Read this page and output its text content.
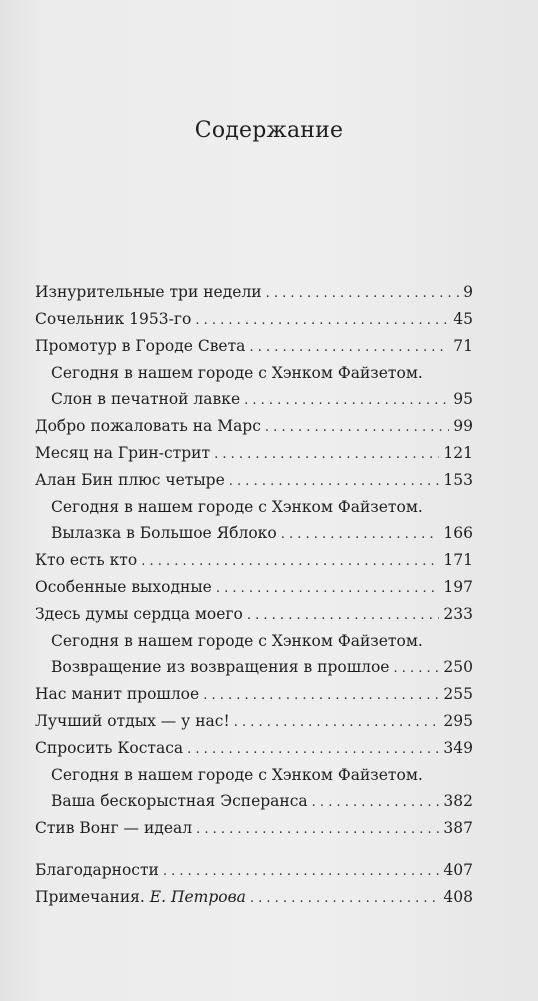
Содержание
Изнурительные три недели . . .	9
Сочельник 1953-го . . .	45
Промотур в Городе Света . . .	71
Сегодня в нашем городе с Хэнком Файзетом.
Слон в печатной лавке . . .	95
Добро пожаловать на Марс . . .	99
Месяц на Грин-стрит . . .	121
Алан Бин плюс четыре . . .	153
Сегодня в нашем городе с Хэнком Файзетом.
Вылазка в Большое Яблоко . . .	166
Кто есть кто . . .	171
Особенные выходные . . .	197
Здесь думы сердца моего . . .	233
Сегодня в нашем городе с Хэнком Файзетом.
Возвращение из возвращения в прошлое . . .	250
Нас манит прошлое . . .	255
Лучший отдых — у нас! . . .	295
Спросить Костаса . . .	349
Сегодня в нашем городе с Хэнком Файзетом.
Ваша бескорыстная Эсперанса . . .	382
Стив Вонг — идеал . . .	387
Благодарности . . .	407
Примечания. Е. Петрова . . .	408
